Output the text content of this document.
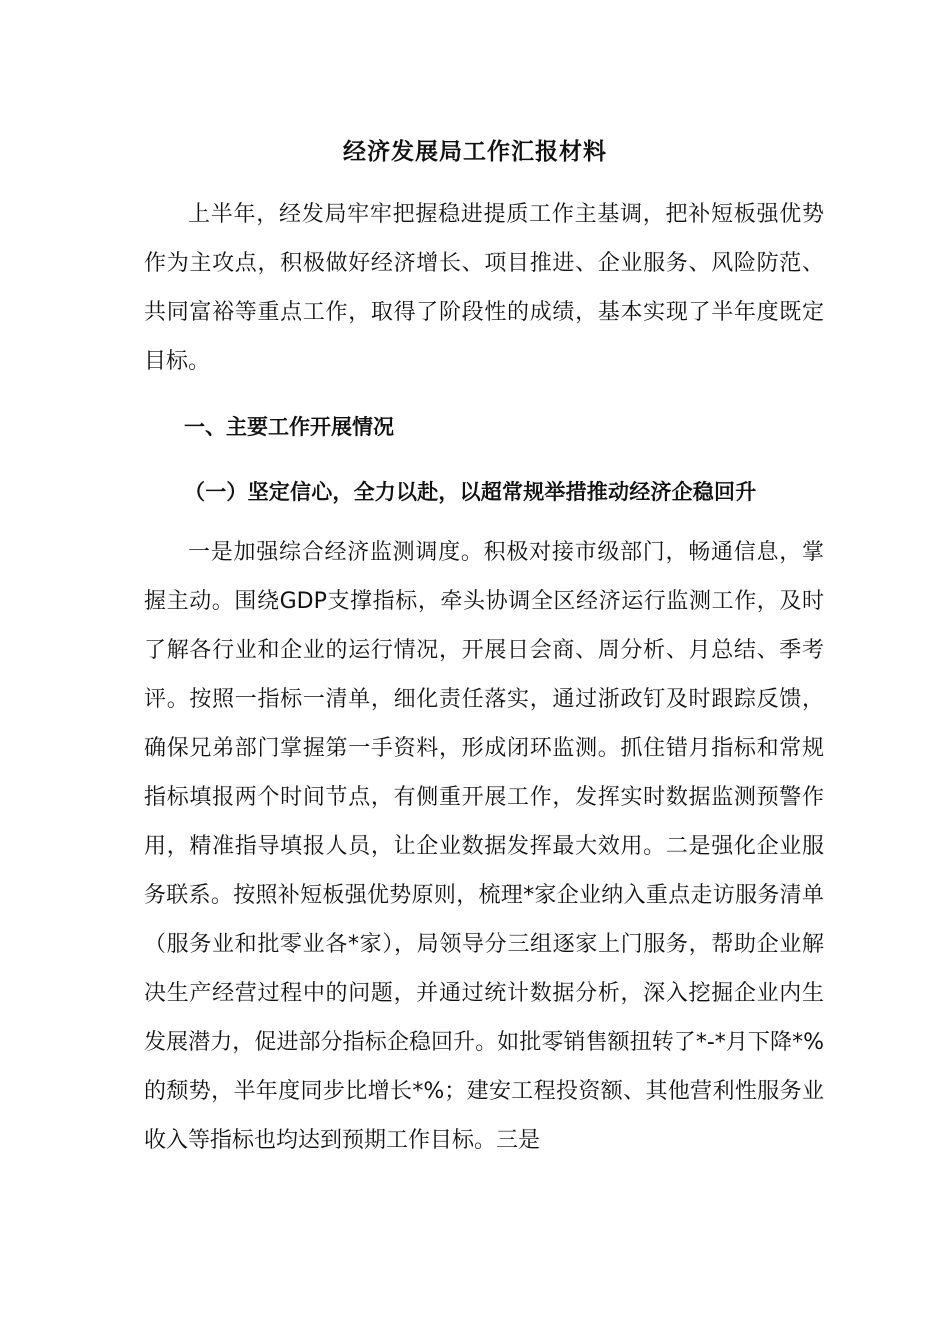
经济发展局工作汇报材料

上半年，经发局牢牢把握稳进提质工作主基调，把补短板强优势作为主攻点，积极做好经济增长、项目推进、企业服务、风险防范、共同富裕等重点工作，取得了阶段性的成绩，基本实现了半年度既定目标。

一、主要工作开展情况
（一）坚定信心，全力以赴，以超常规举措推动经济企稳回升

一是加强综合经济监测调度。积极对接市级部门，畅通信息，掌握主动。围绕GDP支撑指标，牵头协调全区经济运行监测工作，及时了解各行业和企业的运行情况，开展日会商、周分析、月总结、季考评。按照一指标一清单，细化责任落实，通过浙政钉及时跟踪反馈，确保兄弟部门掌握第一手资料，形成闭环监测。抓住错月指标和常规指标填报两个时间节点，有侧重开展工作，发挥实时数据监测预警作用，精准指导填报人员，让企业数据发挥最大效用。二是强化企业服务联系。按照补短板强优势原则，梳理*家企业纳入重点走访服务清单（服务业和批零业各*家），局领导分三组逐家上门服务，帮助企业解决生产经营过程中的问题，并通过统计数据分析，深入挖掘企业内生发展潜力，促进部分指标企稳回升。如批零销售额扭转了*-*月下降*%的颓势，半年度同步比增长*%；建安工程投资额、其他营利性服务业收入等指标也均达到预期工作目标。三是
